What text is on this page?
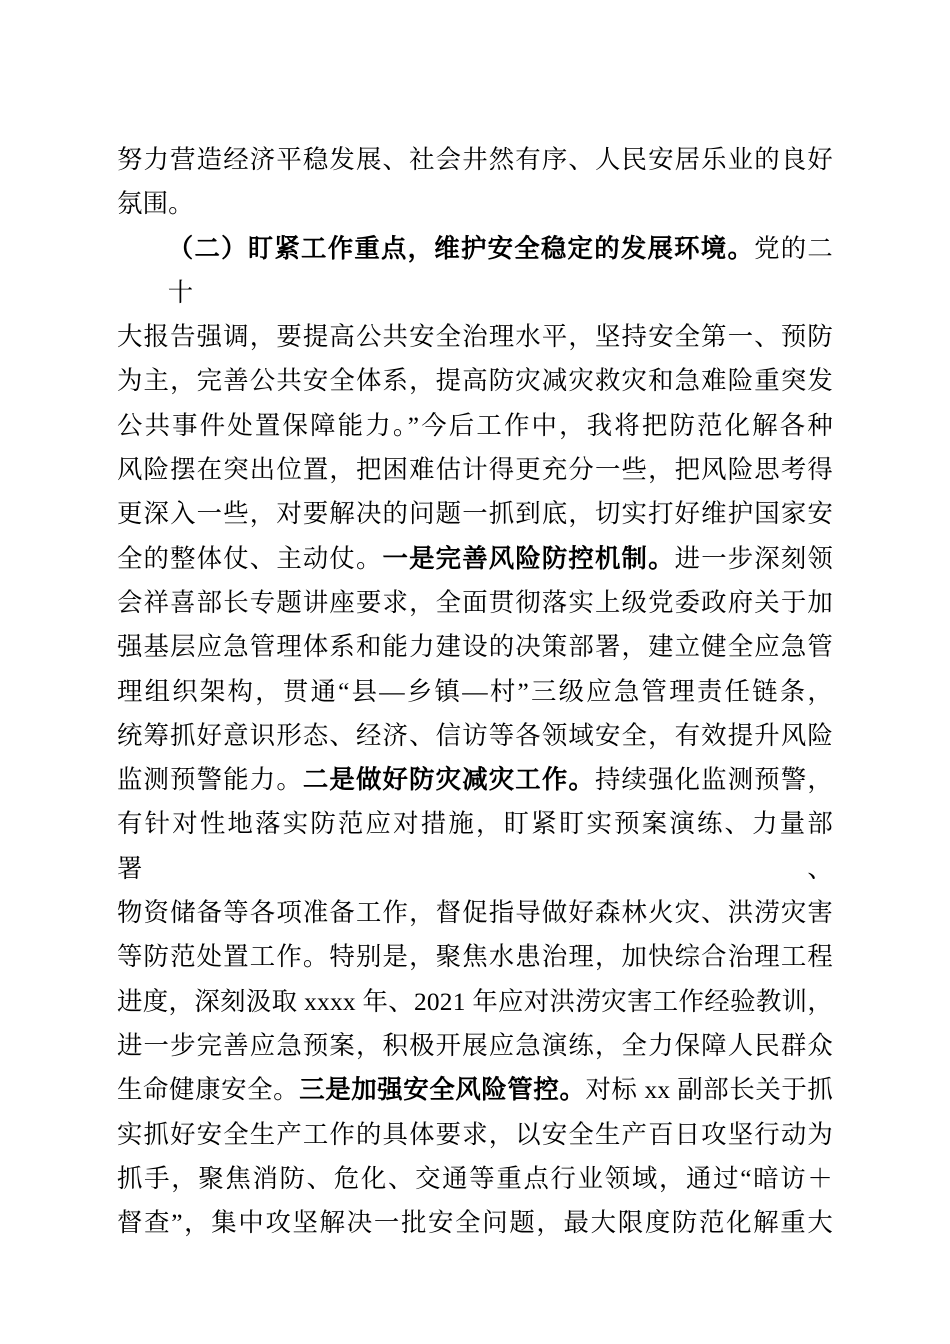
努力营造经济平稳发展、社会井然有序、人民安居乐业的良好
氛围。
（二）盯紧工作重点，维护安全稳定的发展环境。党的二十
大报告强调，要提高公共安全治理水平，坚持安全第一、预防
为主，完善公共安全体系，提高防灾减灾救灾和急难险重突发
公共事件处置保障能力。”今后工作中，我将把防范化解各种
风险摆在突出位置，把困难估计得更充分一些，把风险思考得
更深入一些，对要解决的问题一抓到底，切实打好维护国家安
全的整体仗、主动仗。一是完善风险防控机制。进一步深刻领
会祥喜部长专题讲座要求，全面贯彻落实上级党委政府关于加
强基层应急管理体系和能力建设的决策部署，建立健全应急管
理组织架构，贯通“县—乡镇—村”三级应急管理责任链条，
统筹抓好意识形态、经济、信访等各领域安全，有效提升风险
监测预警能力。二是做好防灾减灾工作。持续强化监测预警，
有针对性地落实防范应对措施，盯紧盯实预案演练、力量部署、
物资储备等各项准备工作，督促指导做好森林火灾、洪涝灾害
等防范处置工作。特别是，聚焦水患治理，加快综合治理工程
进度，深刻汲取 xxxx 年、2021 年应对洪涝灾害工作经验教训，
进一步完善应急预案，积极开展应急演练，全力保障人民群众
生命健康安全。三是加强安全风险管控。对标 xx 副部长关于抓
实抓好安全生产工作的具体要求，以安全生产百日攻坚行动为
抓手，聚焦消防、危化、交通等重点行业领域，通过“暗访＋
督查”，集中攻坚解决一批安全问题，最大限度防范化解重大
